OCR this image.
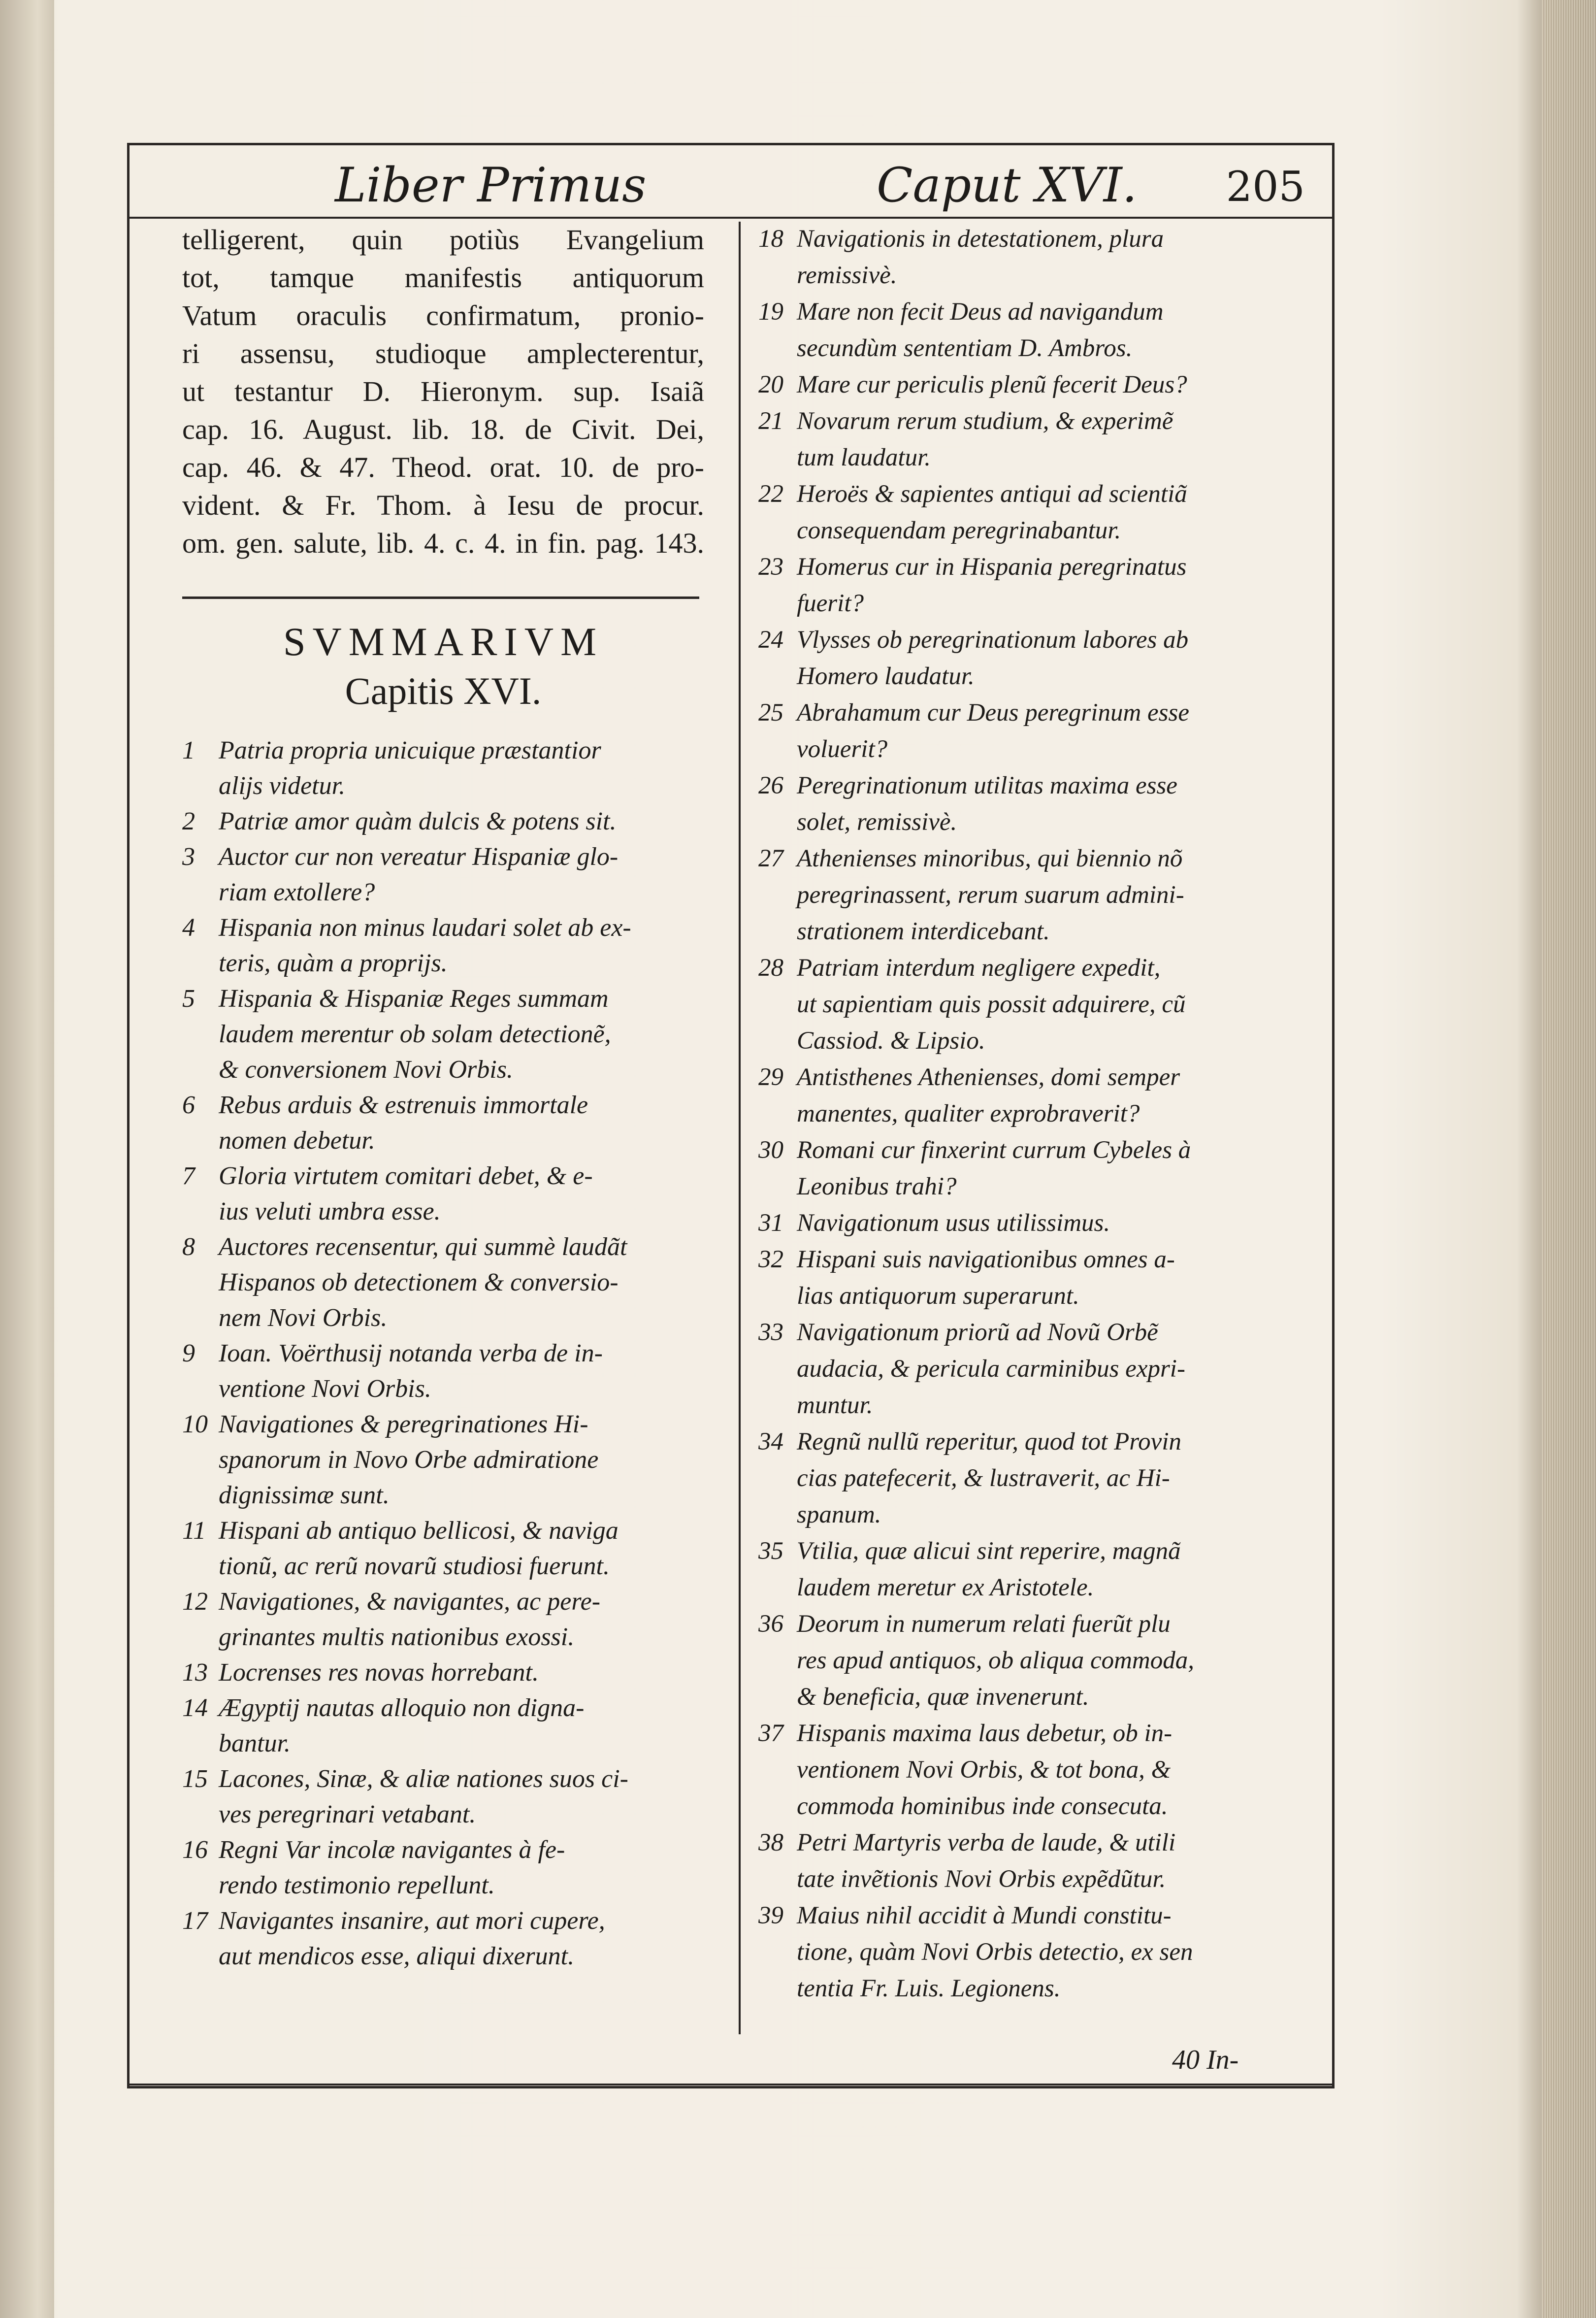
Liber Primus	Caput XVI. 205
telligerent, quin potiùs Evangelium
tot, tamque manifestis antiquorum
Vatum oraculis confirmatum, pronio-
ri assensu, studioque amplecterentur,
ut testantur D. Hieronym. sup. Isaiã
cap. 16. August. lib. 18. de Civit. Dei,
cap. 46. & 47. Theod. orat. 10. de pro-
vident. & Fr. Thom. à Iesu de procur.
om. gen. salute, lib. 4. c. 4. in fin. pag. 143.
SVMMARIVM
Capitis XVI.
1 Patria propria unicuique præstantior
alijs videtur.
2 Patriæ amor quàm dulcis & potens sit.
3 Auctor cur non vereatur Hispaniæ glo-
riam extollere?
4 Hispania non minus laudari solet ab ex-
teris, quàm a proprijs.
5 Hispania & Hispaniæ Reges summam
laudem merentur ob solam detectionẽ,
& conversionem Novi Orbis.
6 Rebus arduis & estrenuis immortale
nomen debetur.
7 Gloria virtutem comitari debet, & e-
ius veluti umbra esse.
8 Auctores recensentur, qui summè laudãt
Hispanos ob detectionem & conversio-
nem Novi Orbis.
9 Ioan. Voërthusij notanda verba de in-
ventione Novi Orbis.
10 Navigationes & peregrinationes Hi-
spanorum in Novo Orbe admiratione
dignissimæ sunt.
11 Hispani ab antiquo bellicosi, & naviga
tionũ, ac rerũ novarũ studiosi fuerunt.
12 Navigationes, & navigantes, ac pere-
grinantes multis nationibus exossi.
13 Locrenses res novas horrebant.
14 Ægyptij nautas alloquio non digna-
bantur.
15 Lacones, Sinæ, & aliæ nationes suos ci-
ves peregrinari vetabant.
16 Regni Var incolæ navigantes à fe-
rendo testimonio repellunt.
17 Navigantes insanire, aut mori cupere,
aut mendicos esse, aliqui dixerunt.
18 Navigationis in detestationem, plura
remissivè.
19 Mare non fecit Deus ad navigandum
secundùm sententiam D. Ambros.
20 Mare cur periculis plenũ fecerit Deus?
21 Novarum rerum studium, & experimẽ
tum laudatur.
22 Heroës & sapientes antiqui ad scientiã
consequendam peregrinabantur.
23 Homerus cur in Hispania peregrinatus
fuerit?
24 Vlysses ob peregrinationum labores ab
Homero laudatur.
25 Abrahamum cur Deus peregrinum esse
voluerit?
26 Peregrinationum utilitas maxima esse
solet, remissivè.
27 Athenienses minoribus, qui biennio nõ
peregrinassent, rerum suarum admini-
strationem interdicebant.
28 Patriam interdum negligere expedit,
ut sapientiam quis possit adquirere, cũ
Cassiod. & Lipsio.
29 Antisthenes Athenienses, domi semper
manentes, qualiter exprobraverit?
30 Romani cur finxerint currum Cybeles à
Leonibus trahi?
31 Navigationum usus utilissimus.
32 Hispani suis navigationibus omnes a-
lias antiquorum superarunt.
33 Navigationum priorũ ad Novũ Orbẽ
audacia, & pericula carminibus expri-
muntur.
34 Regnũ nullũ reperitur, quod tot Provin
cias patefecerit, & lustraverit, ac Hi-
spanum.
35 Vtilia, quæ alicui sint reperire, magnã
laudem meretur ex Aristotele.
36 Deorum in numerum relati fuerũt plu
res apud antiquos, ob aliqua commoda,
& beneficia, quæ invenerunt.
37 Hispanis maxima laus debetur, ob in-
ventionem Novi Orbis, & tot bona, &
commoda hominibus inde consecuta.
38 Petri Martyris verba de laude, & utili
tate invẽtionis Novi Orbis expẽdũtur.
39 Maius nihil accidit à Mundi constitu-
tione, quàm Novi Orbis detectio, ex sen
tentia Fr. Luis. Legionens.
40 In-
